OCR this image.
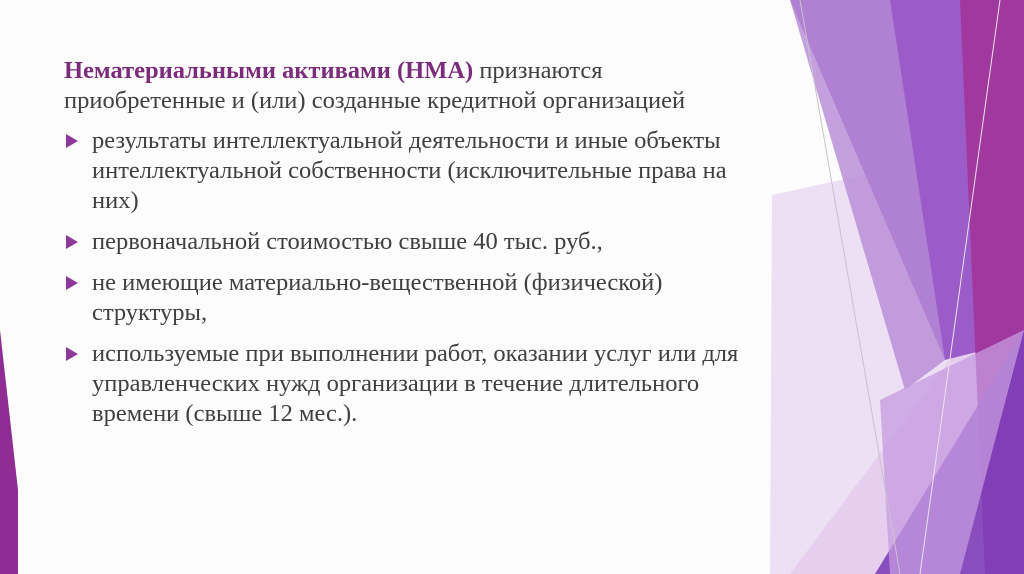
Нематериальными активами (НМА) признаются приобретенные и (или) созданные кредитной организацией

результаты интеллектуальной деятельности и иные объекты интеллектуальной собственности (исключительные права на них)
первоначальной стоимостью свыше 40 тыс. руб.,
не имеющие материально-вещественной (физической) структуры,
используемые при выполнении работ, оказании услуг или для управленческих нужд организации в течение длительного времени (свыше 12 мес.).
